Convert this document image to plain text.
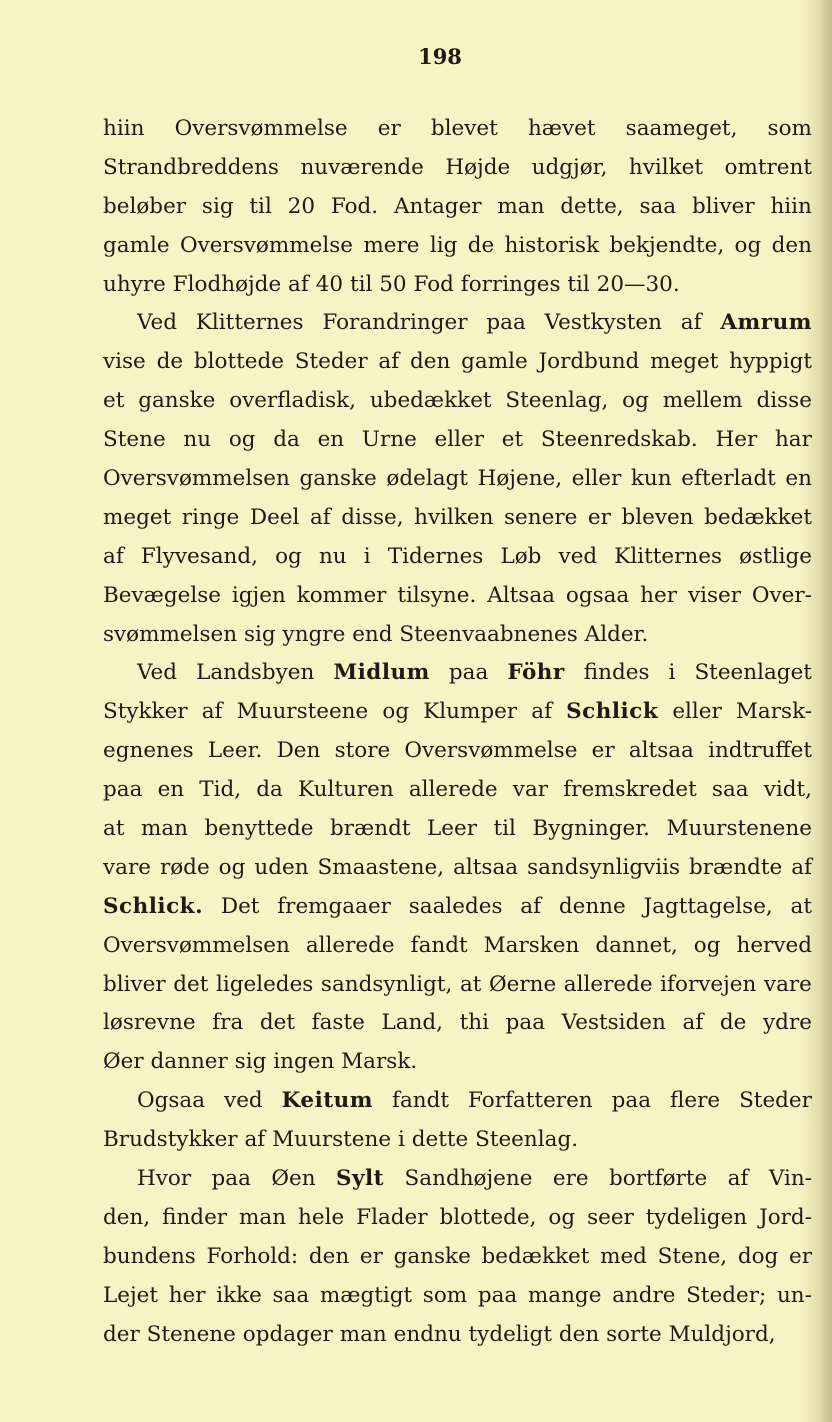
198
hiin Oversvømmelse er blevet hævet saameget, som
Strandbreddens nuværende Højde udgjør, hvilket omtrent
beløber sig til 20 Fod. Antager man dette, saa bliver hiin
gamle Oversvømmelse mere lig de historisk bekjendte, og den
uhyre Flodhøjde af 40 til 50 Fod forringes til 20—30.
Ved Klitternes Forandringer paa Vestkysten af Amrum
vise de blottede Steder af den gamle Jordbund meget hyppigt
et ganske overfladisk, ubedækket Steenlag, og mellem disse
Stene nu og da en Urne eller et Steenredskab. Her har
Oversvømmelsen ganske ødelagt Højene, eller kun efterladt en
meget ringe Deel af disse, hvilken senere er bleven bedækket
af Flyvesand, og nu i Tidernes Løb ved Klitternes østlige
Bevægelse igjen kommer tilsyne. Altsaa ogsaa her viser Over-
svømmelsen sig yngre end Steenvaabnenes Alder.
Ved Landsbyen Midlum paa Föhr findes i Steenlaget
Stykker af Muursteene og Klumper af Schlick eller Marsk-
egnenes Leer. Den store Oversvømmelse er altsaa indtruffet
paa en Tid, da Kulturen allerede var fremskredet saa vidt,
at man benyttede brændt Leer til Bygninger. Muurstenene
vare røde og uden Smaastene, altsaa sandsynligviis brændte af
Schlick. Det fremgaaer saaledes af denne Jagttagelse, at
Oversvømmelsen allerede fandt Marsken dannet, og herved
bliver det ligeledes sandsynligt, at Øerne allerede iforvejen vare
løsrevne fra det faste Land, thi paa Vestsiden af de ydre
Øer danner sig ingen Marsk.
Ogsaa ved Keitum fandt Forfatteren paa flere Steder
Brudstykker af Muurstene i dette Steenlag.
Hvor paa Øen Sylt Sandhøjene ere bortførte af Vin-
den, finder man hele Flader blottede, og seer tydeligen Jord-
bundens Forhold: den er ganske bedækket med Stene, dog er
Lejet her ikke saa mægtigt som paa mange andre Steder; un-
der Stenene opdager man endnu tydeligt den sorte Muldjord,
